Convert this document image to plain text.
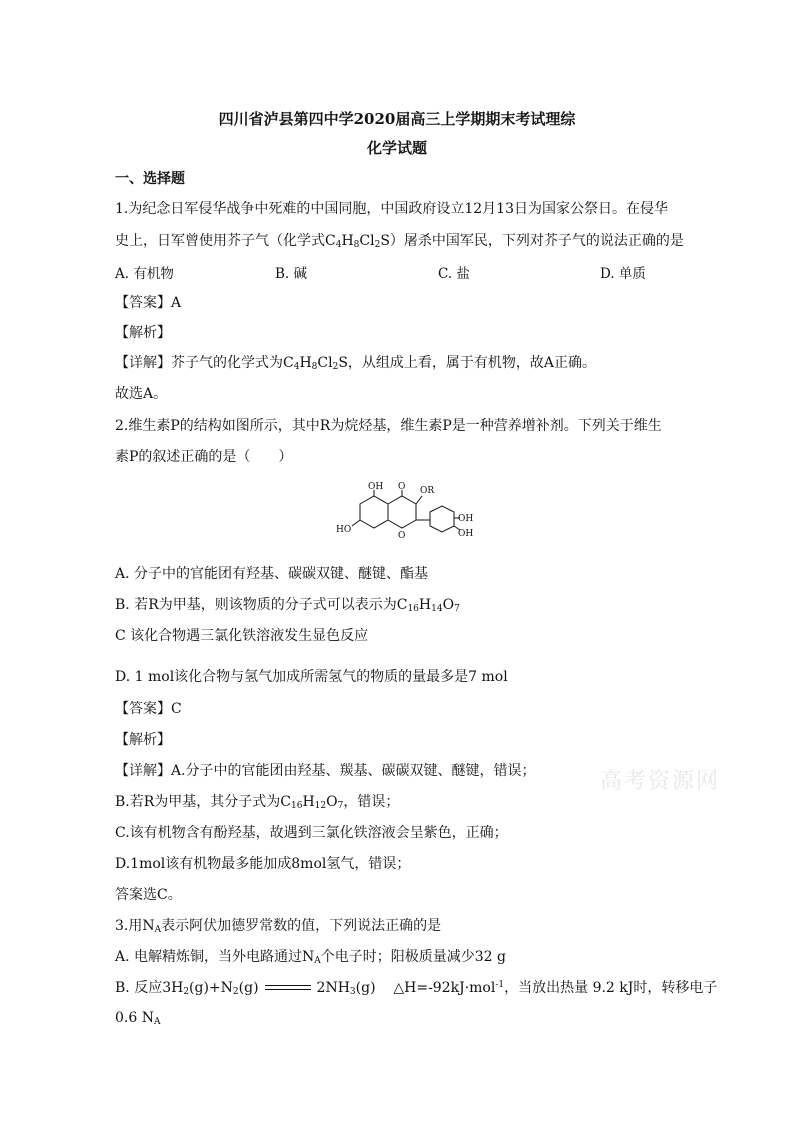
四川省泸县第四中学2020届高三上学期期末考试理综
化学试题
一、选择题
1.为纪念日军侵华战争中死难的中国同胞，中国政府设立12月13日为国家公祭日。在侵华
史上，日军曾使用芥子气（化学式$C_4H_8Cl_2S$）屠杀中国军民，下列对芥子气的说法正确的是
A. 有机物	B. 碱	C. 盐	D. 单质
【答案】A
【解析】
【详解】芥子气的化学式为$C_4H_8Cl_2S$，从组成上看，属于有机物，故A正确。
故选A。
2.维生素P的结构如图所示，其中R为烷烃基，维生素P是一种营养增补剂。下列关于维生
素P的叙述正确的是（　　）
OH O OR
HO
O
OH
OH
A. 分子中的官能团有羟基、碳碳双键、醚键、酯基
B. 若R为甲基，则该物质的分子式可以表示为$C_{16}H_{14}O_7$
C 该化合物遇三氯化铁溶液发生显色反应
D. 1 mol该化合物与氢气加成所需氢气的物质的量最多是7 mol
【答案】C
【解析】
【详解】A.分子中的官能团由羟基、羰基、碳碳双键、醚键，错误；
B.若R为甲基，其分子式为$C_{16}H_{12}O_7$，错误；
C.该有机物含有酚羟基，故遇到三氯化铁溶液会呈紫色，正确；
D.1mol该有机物最多能加成8mol氢气，错误；
答案选C。
3.用$N_A$表示阿伏加德罗常数的值，下列说法正确的是
A. 电解精炼铜，当外电路通过$N_A$个电子时；阳极质量减少32 g
B. 反应$3H_2(g)+N_2(g)$	$2NH_3(g)$ △H=-92kJ·mol$^{-1}$，当放出热量 9.2 kJ时，转移电子
0.6 $N_A$
高考资源网
